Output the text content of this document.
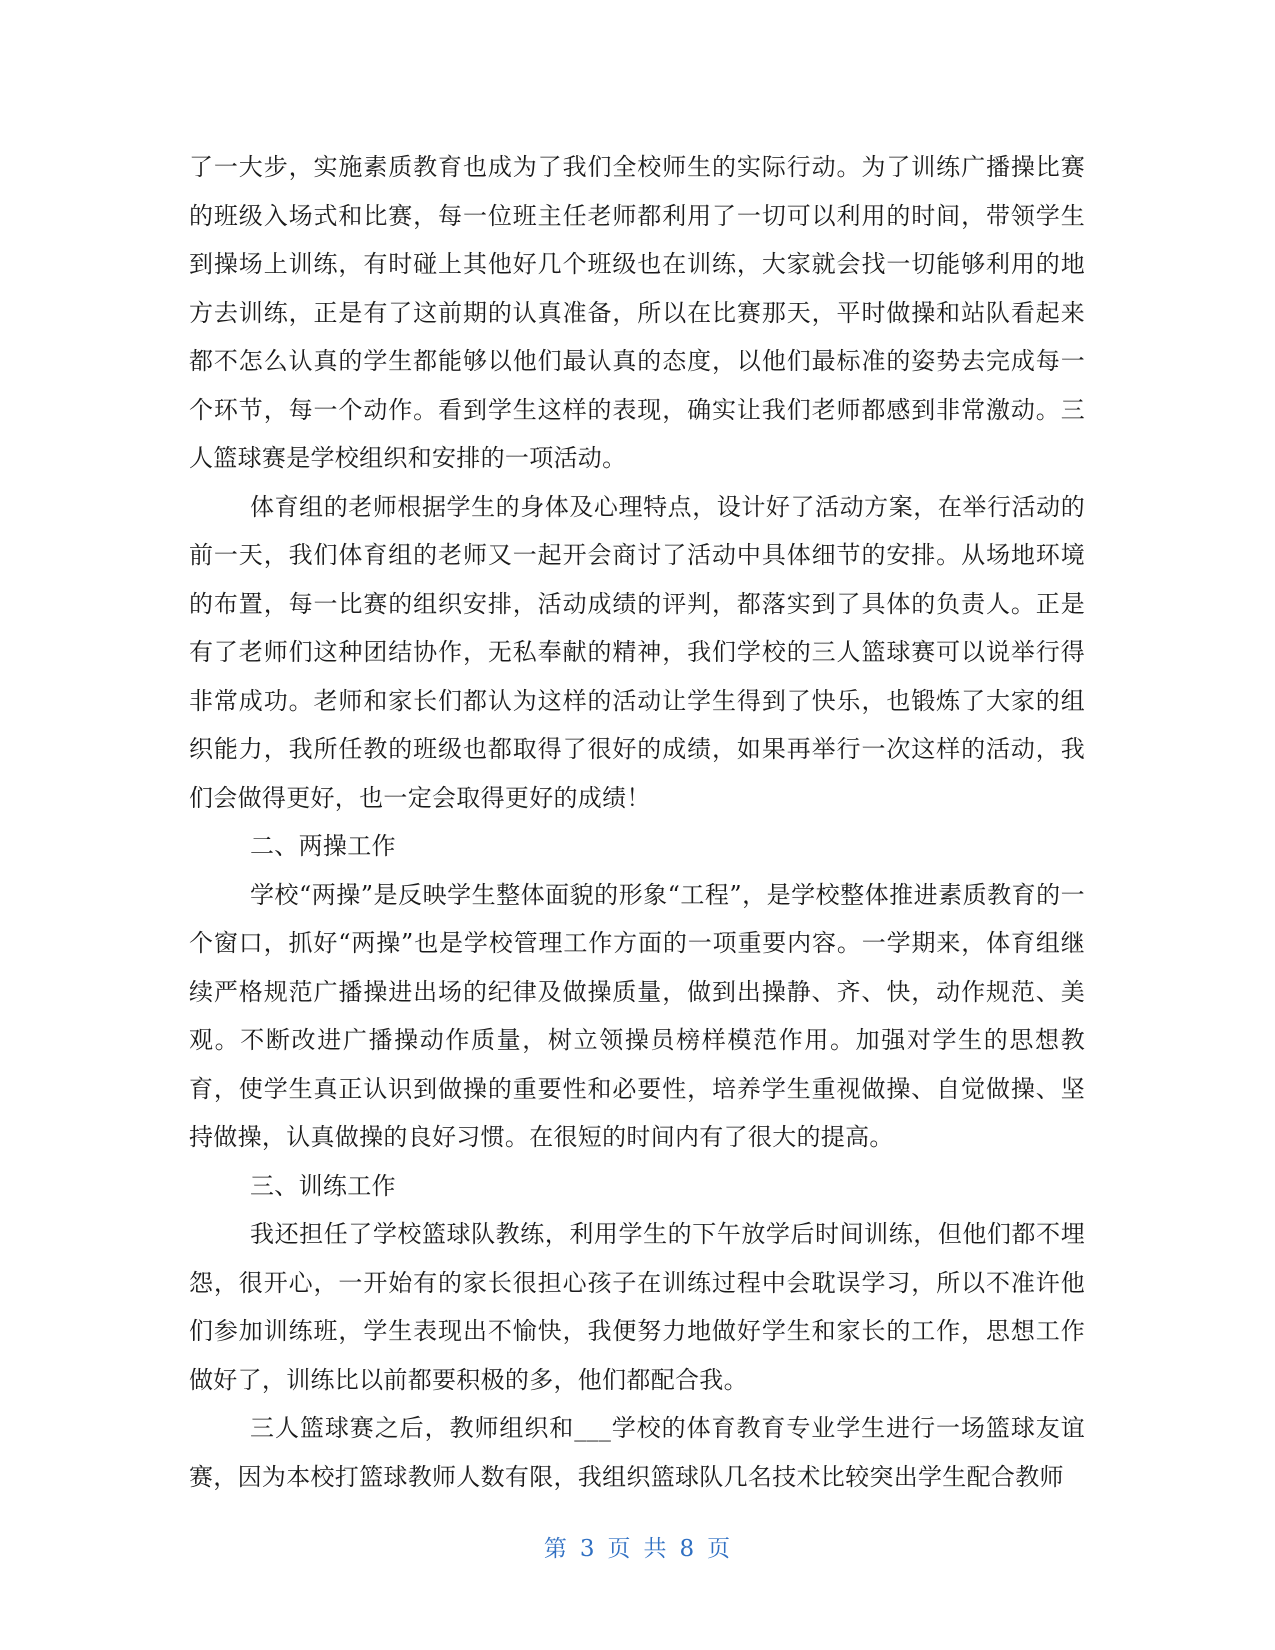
了一大步，实施素质教育也成为了我们全校师生的实际行动。为了训练广播操比赛的班级入场式和比赛，每一位班主任老师都利用了一切可以利用的时间，带领学生到操场上训练，有时碰上其他好几个班级也在训练，大家就会找一切能够利用的地方去训练，正是有了这前期的认真准备，所以在比赛那天，平时做操和站队看起来都不怎么认真的学生都能够以他们最认真的态度，以他们最标准的姿势去完成每一个环节，每一个动作。看到学生这样的表现，确实让我们老师都感到非常激动。三人篮球赛是学校组织和安排的一项活动。

体育组的老师根据学生的身体及心理特点，设计好了活动方案，在举行活动的前一天，我们体育组的老师又一起开会商讨了活动中具体细节的安排。从场地环境的布置，每一比赛的组织安排，活动成绩的评判，都落实到了具体的负责人。正是有了老师们这种团结协作，无私奉献的精神，我们学校的三人篮球赛可以说举行得非常成功。老师和家长们都认为这样的活动让学生得到了快乐，也锻炼了大家的组织能力，我所任教的班级也都取得了很好的成绩，如果再举行一次这样的活动，我们会做得更好，也一定会取得更好的成绩！

二、两操工作

学校“两操”是反映学生整体面貌的形象“工程”，是学校整体推进素质教育的一个窗口，抓好“两操”也是学校管理工作方面的一项重要内容。一学期来，体育组继续严格规范广播操进出场的纪律及做操质量，做到出操静、齐、快，动作规范、美观。不断改进广播操动作质量，树立领操员榜样模范作用。加强对学生的思想教育，使学生真正认识到做操的重要性和必要性，培养学生重视做操、自觉做操、坚持做操，认真做操的良好习惯。在很短的时间内有了很大的提高。

三、训练工作

我还担任了学校篮球队教练，利用学生的下午放学后时间训练，但他们都不埋怨，很开心，一开始有的家长很担心孩子在训练过程中会耽误学习，所以不准许他们参加训练班，学生表现出不愉快，我便努力地做好学生和家长的工作，思想工作做好了，训练比以前都要积极的多，他们都配合我。

三人篮球赛之后，教师组织和___学校的体育教育专业学生进行一场篮球友谊赛，因为本校打篮球教师人数有限，我组织篮球队几名技术比较突出学生配合教师

第 3 页 共 8 页
